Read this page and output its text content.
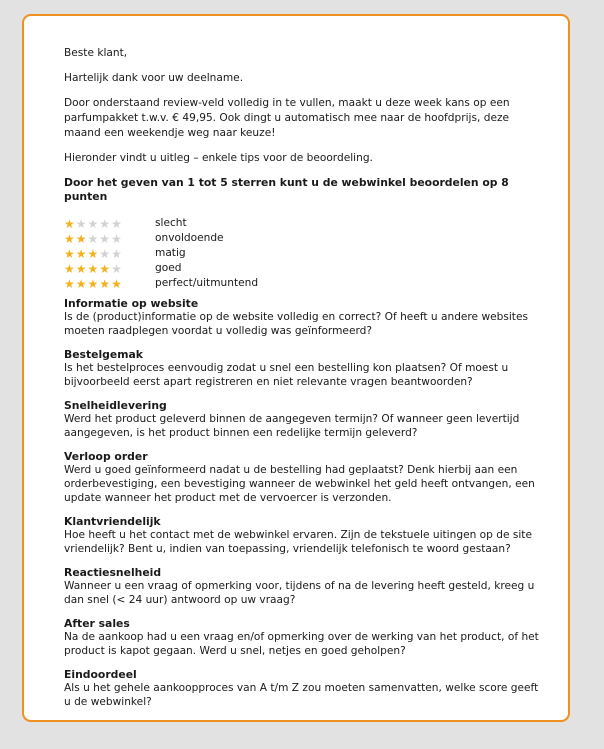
Beste klant,

Hartelijk dank voor uw deelname.

Door onderstaand review-veld volledig in te vullen, maakt u deze week kans op een parfumpakket t.w.v. € 49,95. Ook dingt u automatisch mee naar de hoofdprijs, deze maand een weekendje weg naar keuze!

Hieronder vindt u uitleg – enkele tips voor de beoordeling.

Door het geven van 1 tot 5 sterren kunt u de webwinkel beoordelen op 8 punten

★ ★ ★ ★ ★	slecht
★ ★ ★ ★ ★	onvoldoende
★ ★ ★ ★ ★	matig
★ ★ ★ ★ ★	goed
★ ★ ★ ★ ★	perfect/uitmuntend
Informatie op website

Is de (product)informatie op de website volledig en correct? Of heeft u andere websites moeten raadplegen voordat u volledig was geïnformeerd?

Bestelgemak

Is het bestelproces eenvoudig zodat u snel een bestelling kon plaatsen? Of moest u bijvoorbeeld eerst apart registreren en niet relevante vragen beantwoorden?

Snelheidlevering

Werd het product geleverd binnen de aangegeven termijn? Of wanneer geen levertijd aangegeven, is het product binnen een redelijke termijn geleverd?

Verloop order

Werd u goed geïnformeerd nadat u de bestelling had geplaatst? Denk hierbij aan een orderbevestiging, een bevestiging wanneer de webwinkel het geld heeft ontvangen, een update wanneer het product met de vervoercer is verzonden.

Klantvriendelijk

Hoe heeft u het contact met de webwinkel ervaren. Zijn de tekstuele uitingen op de site vriendelijk? Bent u, indien van toepassing, vriendelijk telefonisch te woord gestaan?

Reactiesnelheid

Wanneer u een vraag of opmerking voor, tijdens of na de levering heeft gesteld, kreeg u dan snel (< 24 uur) antwoord op uw vraag?

After sales

Na de aankoop had u een vraag en/of opmerking over de werking van het product, of het product is kapot gegaan. Werd u snel, netjes en goed geholpen?

Eindoordeel

Als u het gehele aankoopproces van A t/m Z zou moeten samenvatten, welke score geeft u de webwinkel?
